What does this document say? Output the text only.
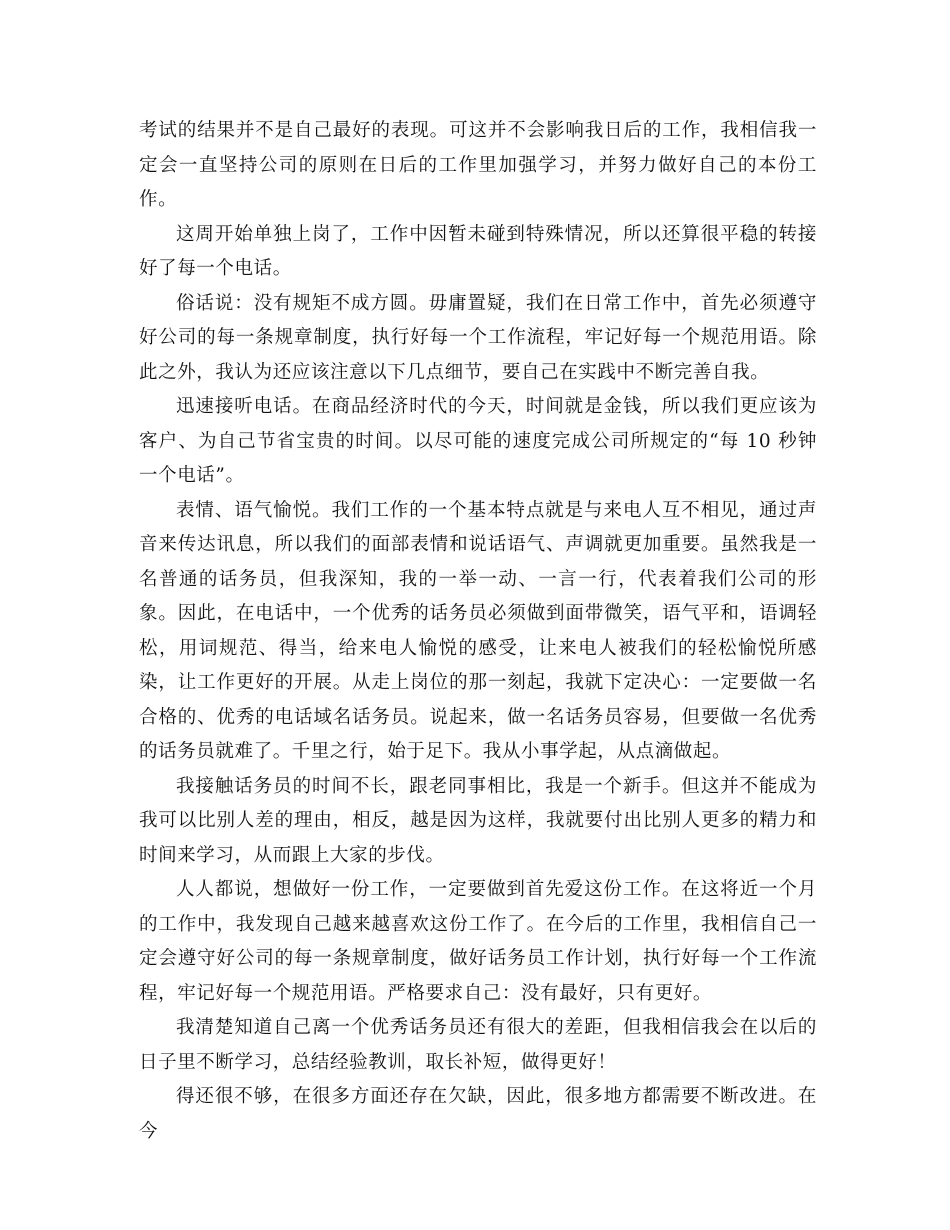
考试的结果并不是自己最好的表现。可这并不会影响我日后的工作，我相信我一定会一直坚持公司的原则在日后的工作里加强学习，并努力做好自己的本份工作。

这周开始单独上岗了，工作中因暂未碰到特殊情况，所以还算很平稳的转接好了每一个电话。

俗话说：没有规矩不成方圆。毋庸置疑，我们在日常工作中，首先必须遵守好公司的每一条规章制度，执行好每一个工作流程，牢记好每一个规范用语。除此之外，我认为还应该注意以下几点细节，要自己在实践中不断完善自我。

迅速接听电话。在商品经济时代的今天，时间就是金钱，所以我们更应该为客户、为自己节省宝贵的时间。以尽可能的速度完成公司所规定的“每 10 秒钟一个电话”。

表情、语气愉悦。我们工作的一个基本特点就是与来电人互不相见，通过声音来传达讯息，所以我们的面部表情和说话语气、声调就更加重要。虽然我是一名普通的话务员，但我深知，我的一举一动、一言一行，代表着我们公司的形象。因此，在电话中，一个优秀的话务员必须做到面带微笑，语气平和，语调轻松，用词规范、得当，给来电人愉悦的感受，让来电人被我们的轻松愉悦所感染，让工作更好的开展。从走上岗位的那一刻起，我就下定决心：一定要做一名合格的、优秀的电话域名话务员。说起来，做一名话务员容易，但要做一名优秀的话务员就难了。千里之行，始于足下。我从小事学起，从点滴做起。

我接触话务员的时间不长，跟老同事相比，我是一个新手。但这并不能成为我可以比别人差的理由，相反，越是因为这样，我就要付出比别人更多的精力和时间来学习，从而跟上大家的步伐。

人人都说，想做好一份工作，一定要做到首先爱这份工作。在这将近一个月的工作中，我发现自己越来越喜欢这份工作了。在今后的工作里，我相信自己一定会遵守好公司的每一条规章制度，做好话务员工作计划，执行好每一个工作流程，牢记好每一个规范用语。严格要求自己：没有最好，只有更好。

我清楚知道自己离一个优秀话务员还有很大的差距，但我相信我会在以后的日子里不断学习，总结经验教训，取长补短，做得更好！

得还很不够，在很多方面还存在欠缺，因此，很多地方都需要不断改进。在今
